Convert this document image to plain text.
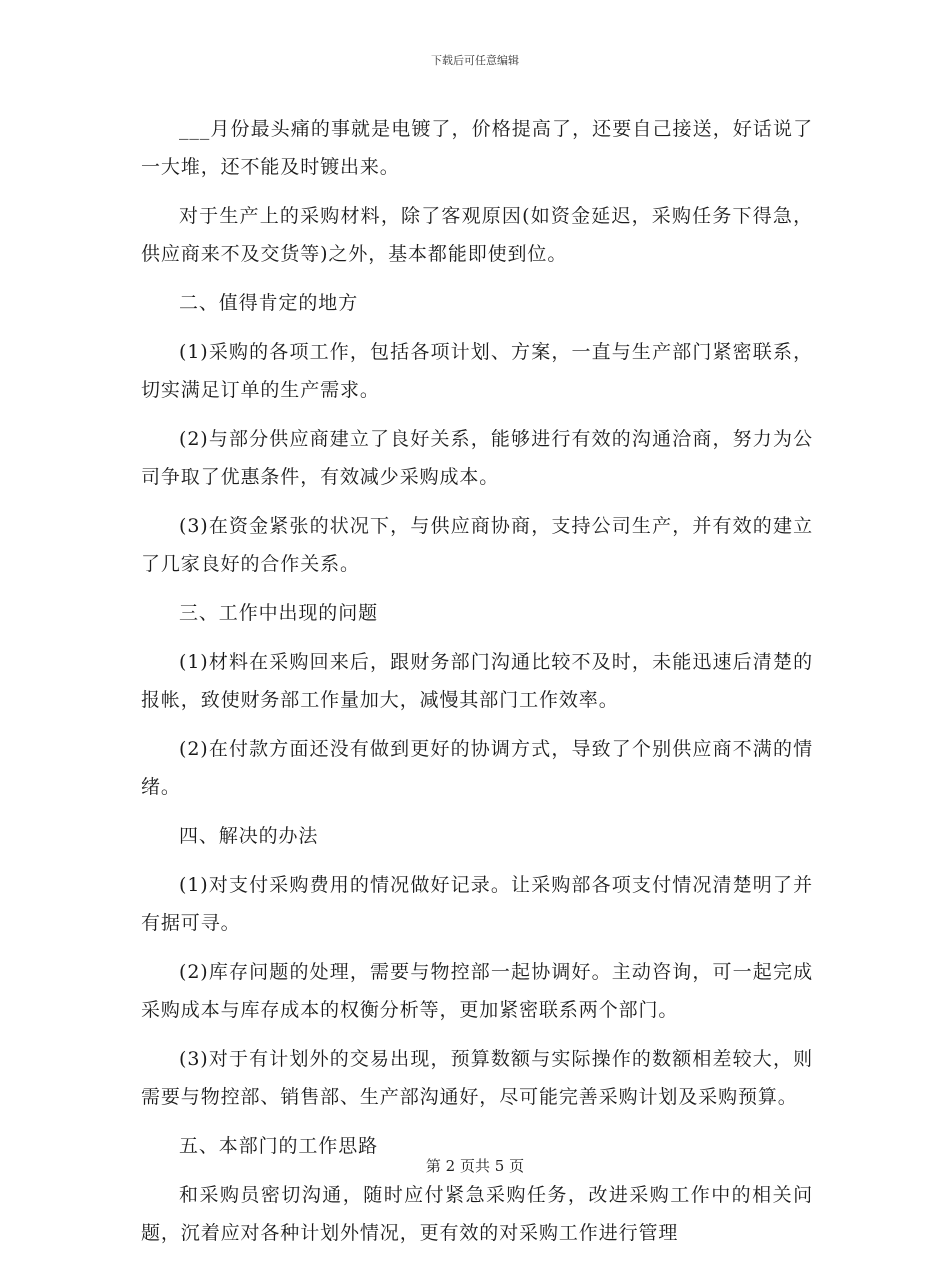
下载后可任意编辑

___月份最头痛的事就是电镀了，价格提高了，还要自己接送，好话说了一大堆，还不能及时镀出来。

对于生产上的采购材料，除了客观原因(如资金延迟，采购任务下得急，供应商来不及交货等)之外，基本都能即使到位。

二、值得肯定的地方

(1)采购的各项工作，包括各项计划、方案，一直与生产部门紧密联系，切实满足订单的生产需求。

(2)与部分供应商建立了良好关系，能够进行有效的沟通洽商，努力为公司争取了优惠条件，有效减少采购成本。

(3)在资金紧张的状况下，与供应商协商，支持公司生产，并有效的建立了几家良好的合作关系。

三、工作中出现的问题

(1)材料在采购回来后，跟财务部门沟通比较不及时，未能迅速后清楚的报帐，致使财务部工作量加大，减慢其部门工作效率。

(2)在付款方面还没有做到更好的协调方式，导致了个别供应商不满的情绪。

四、解决的办法

(1)对支付采购费用的情况做好记录。让采购部各项支付情况清楚明了并有据可寻。

(2)库存问题的处理，需要与物控部一起协调好。主动咨询，可一起完成采购成本与库存成本的权衡分析等，更加紧密联系两个部门。

(3)对于有计划外的交易出现，预算数额与实际操作的数额相差较大，则需要与物控部、销售部、生产部沟通好，尽可能完善采购计划及采购预算。

五、本部门的工作思路

和采购员密切沟通，随时应付紧急采购任务，改进采购工作中的相关问题，沉着应对各种计划外情况，更有效的对采购工作进行管理

第 2 页共 5 页
